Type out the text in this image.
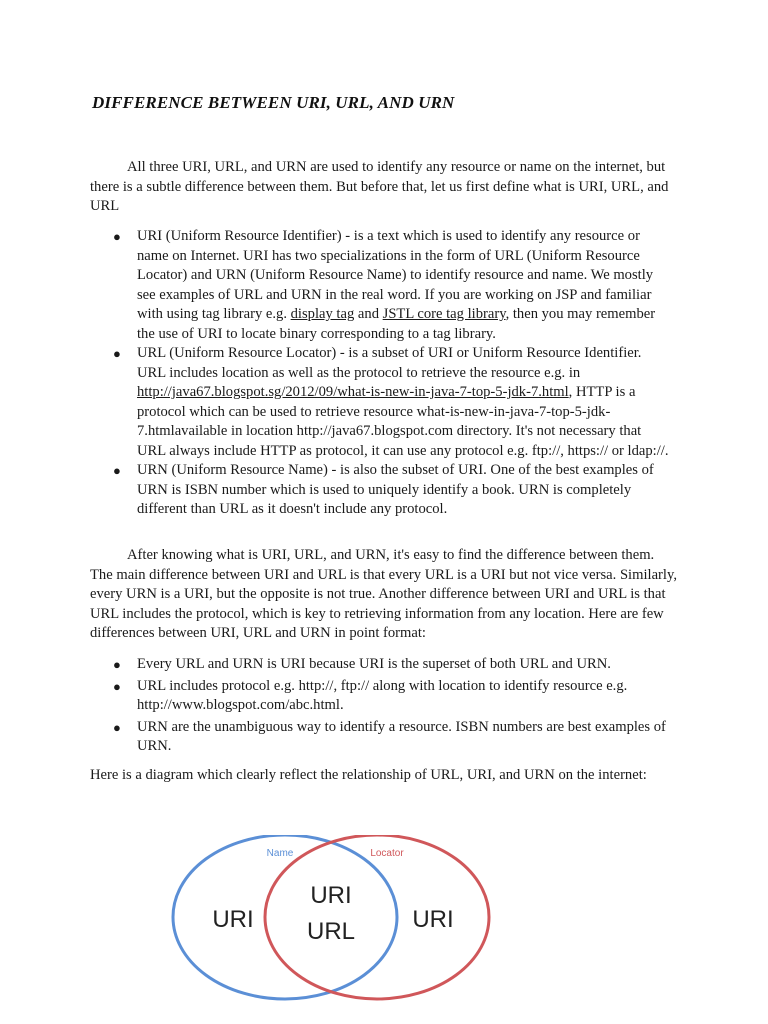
DIFFERENCE BETWEEN URI, URL, AND URN

All three URI, URL, and URN are used to identify any resource or name on the internet, but there is a subtle difference between them. But before that, let us first define what is URI, URL, and URL

● URI (Uniform Resource Identifier) - is a text which is used to identify any resource or name on Internet. URI has two specializations in the form of URL (Uniform Resource Locator) and URN (Uniform Resource Name) to identify resource and name. We mostly see examples of URL and URN in the real word. If you are working on JSP and familiar with using tag library e.g. display tag and JSTL core tag library, then you may remember the use of URI to locate binary corresponding to a tag library.
● URL (Uniform Resource Locator) - is a subset of URI or Uniform Resource Identifier. URL includes location as well as the protocol to retrieve the resource e.g. in http://java67.blogspot.sg/2012/09/what-is-new-in-java-7-top-5-jdk-7.html, HTTP is a protocol which can be used to retrieve resource what-is-new-in-java-7-top-5-jdk-7.htmlavailable in location http://java67.blogspot.com directory. It's not necessary that URL always include HTTP as protocol, it can use any protocol e.g. ftp://, https:// or ldap://.
● URN (Uniform Resource Name) - is also the subset of URI. One of the best examples of URN is ISBN number which is used to uniquely identify a book. URN is completely different than URL as it doesn't include any protocol.

After knowing what is URI, URL, and URN, it's easy to find the difference between them. The main difference between URI and URL is that every URL is a URI but not vice versa. Similarly, every URN is a URI, but the opposite is not true. Another difference between URI and URL is that URL includes the protocol, which is key to retrieving information from any location. Here are few differences between URI, URL and URN in point format:

● Every URL and URN is URI because URI is the superset of both URL and URN.
● URL includes protocol e.g. http://, ftp:// along with location to identify resource e.g. http://www.blogspot.com/abc.html.
● URN are the unambiguous way to identify a resource. ISBN numbers are best examples of URN.

Here is a diagram which clearly reflect the relationship of URL, URI, and URN on the internet:

Name	Locator
URI
URI
URL URI
